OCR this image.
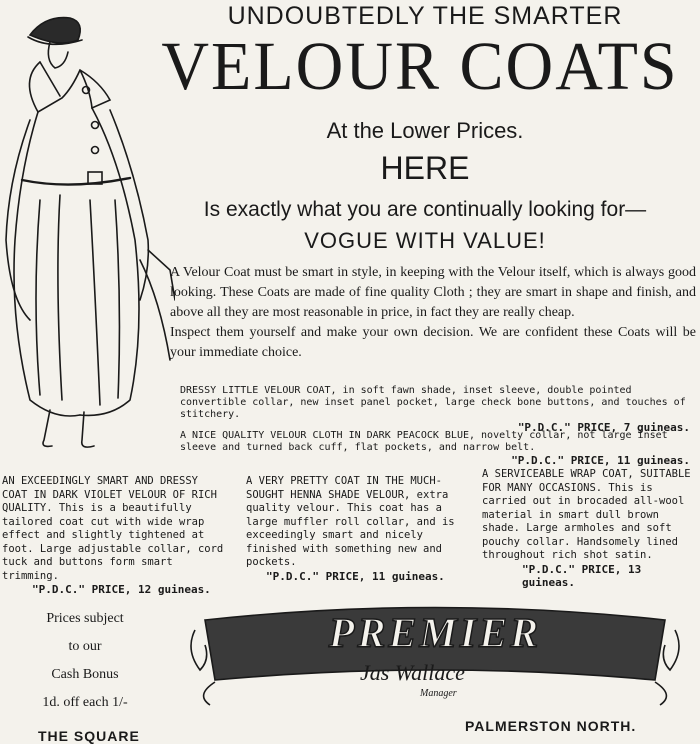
UNDOUBTEDLY THE SMARTER
VELOUR COATS
At the Lower Prices.
HERE
Is exactly what you are continually looking for—
VOGUE WITH VALUE!
A Velour Coat must be smart in style, in keeping with the Velour itself, which is always good looking. These Coats are made of fine quality Cloth ; they are smart in shape and finish, and above all they are most reasonable in price, in fact they are really cheap.
Inspect them yourself and make your own decision. We are confident these Coats will be your immediate choice.
DRESSY LITTLE VELOUR COAT, in soft fawn shade, inset sleeve, double pointed convertible collar, new inset panel pocket, large check bone buttons, and touches of stitchery.
"P.D.C." PRICE, 7 guineas.
A NICE QUALITY VELOUR CLOTH IN DARK PEACOCK BLUE, novelty collar, not large inset sleeve and turned back cuff, flat pockets, and narrow belt.
"P.D.C." PRICE, 11 guineas.
AN EXCEEDINGLY SMART AND DRESSY COAT IN DARK VIOLET VELOUR OF RICH QUALITY. This is a beautifully tailored coat cut with wide wrap effect and slightly tightened at foot. Large adjustable collar, cord tuck and buttons form smart trimming.
"P.D.C." PRICE, 12 guineas.
A VERY PRETTY COAT IN THE MUCH-SOUGHT HENNA SHADE VELOUR, extra quality velour. This coat has a large muffler roll collar, and is exceedingly smart and nicely finished with something new and pockets.
"P.D.C." PRICE, 11 guineas.
A SERVICEABLE WRAP COAT, SUITABLE FOR MANY OCCASIONS. This is carried out in brocaded all-wool material in smart dull brown shade. Large armholes and soft pouchy collar. Handsomely lined throughout rich shot satin.
"P.D.C." PRICE, 13 guineas.
Prices subject
to our
Cash Bonus
1d. off each 1/-
THE SQUARE
PREMIER
Jas Wallace
Manager
PALMERSTON NORTH.
